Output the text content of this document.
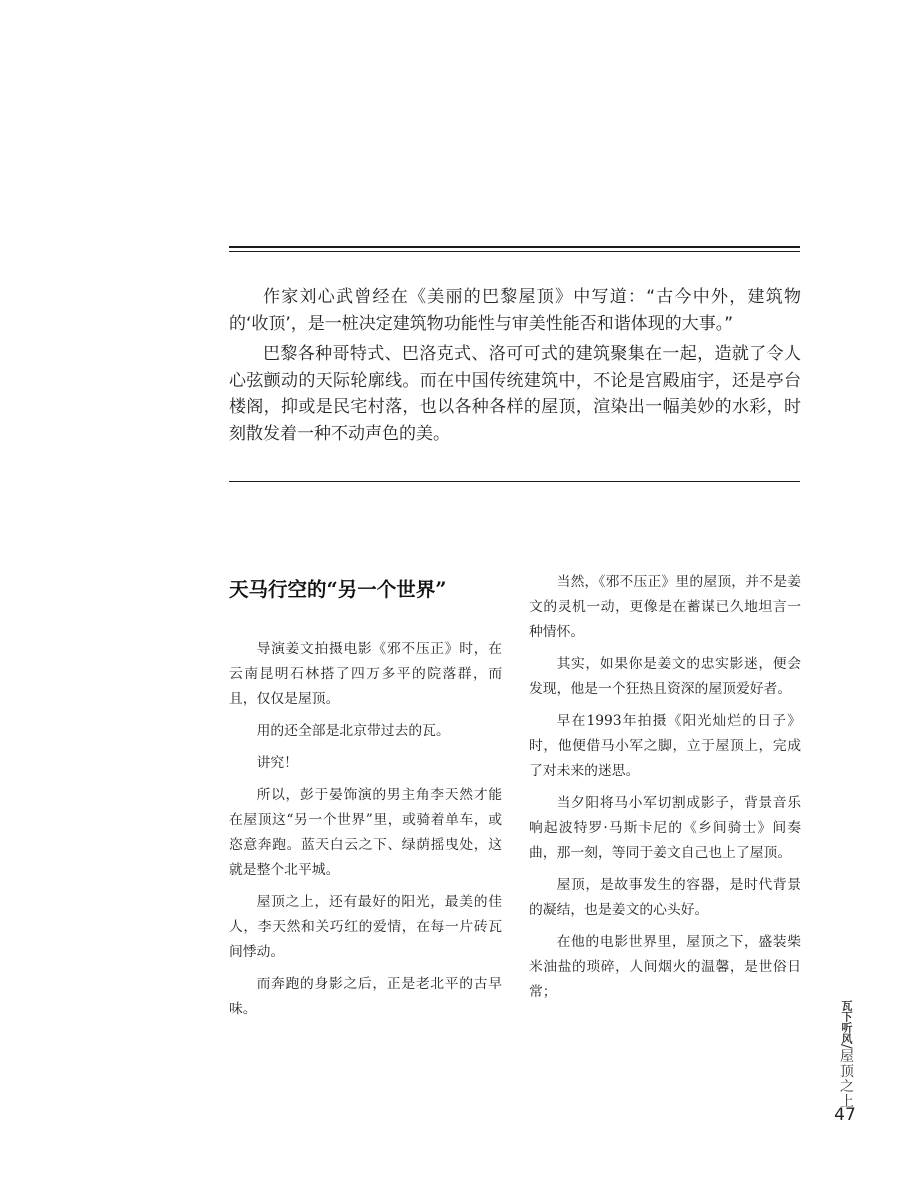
作家刘心武曾经在《美丽的巴黎屋顶》中写道：“古今中外，建筑物的‘收顶’，是一桩决定建筑物功能性与审美性能否和谐体现的大事。”

巴黎各种哥特式、巴洛克式、洛可可式的建筑聚集在一起，造就了令人心弦颤动的天际轮廓线。而在中国传统建筑中，不论是宫殿庙宇，还是亭台楼阁，抑或是民宅村落，也以各种各样的屋顶，渲染出一幅美妙的水彩，时刻散发着一种不动声色的美。

天马行空的“另一个世界”

导演姜文拍摄电影《邪不压正》时，在云南昆明石林搭了四万多平的院落群，而且，仅仅是屋顶。

用的还全部是北京带过去的瓦。

讲究！

所以，彭于晏饰演的男主角李天然才能在屋顶这“另一个世界”里，或骑着单车，或恣意奔跑。蓝天白云之下、绿荫摇曳处，这就是整个北平城。

屋顶之上，还有最好的阳光，最美的佳人，李天然和关巧红的爱情，在每一片砖瓦间悸动。

而奔跑的身影之后，正是老北平的古早味。

当然，《邪不压正》里的屋顶，并不是姜文的灵机一动，更像是在蓄谋已久地坦言一种情怀。

其实，如果你是姜文的忠实影迷，便会发现，他是一个狂热且资深的屋顶爱好者。

早在1993年拍摄《阳光灿烂的日子》时，他便借马小军之脚，立于屋顶上，完成了对未来的迷思。

当夕阳将马小军切割成影子，背景音乐响起波特罗·马斯卡尼的《乡间骑士》间奏曲，那一刻，等同于姜文自己也上了屋顶。

屋顶，是故事发生的容器，是时代背景的凝结，也是姜文的心头好。

在他的电影世界里，屋顶之下，盛装柴米油盐的琐碎，人间烟火的温馨，是世俗日常；

瓦下听风/屋顶之上
47
